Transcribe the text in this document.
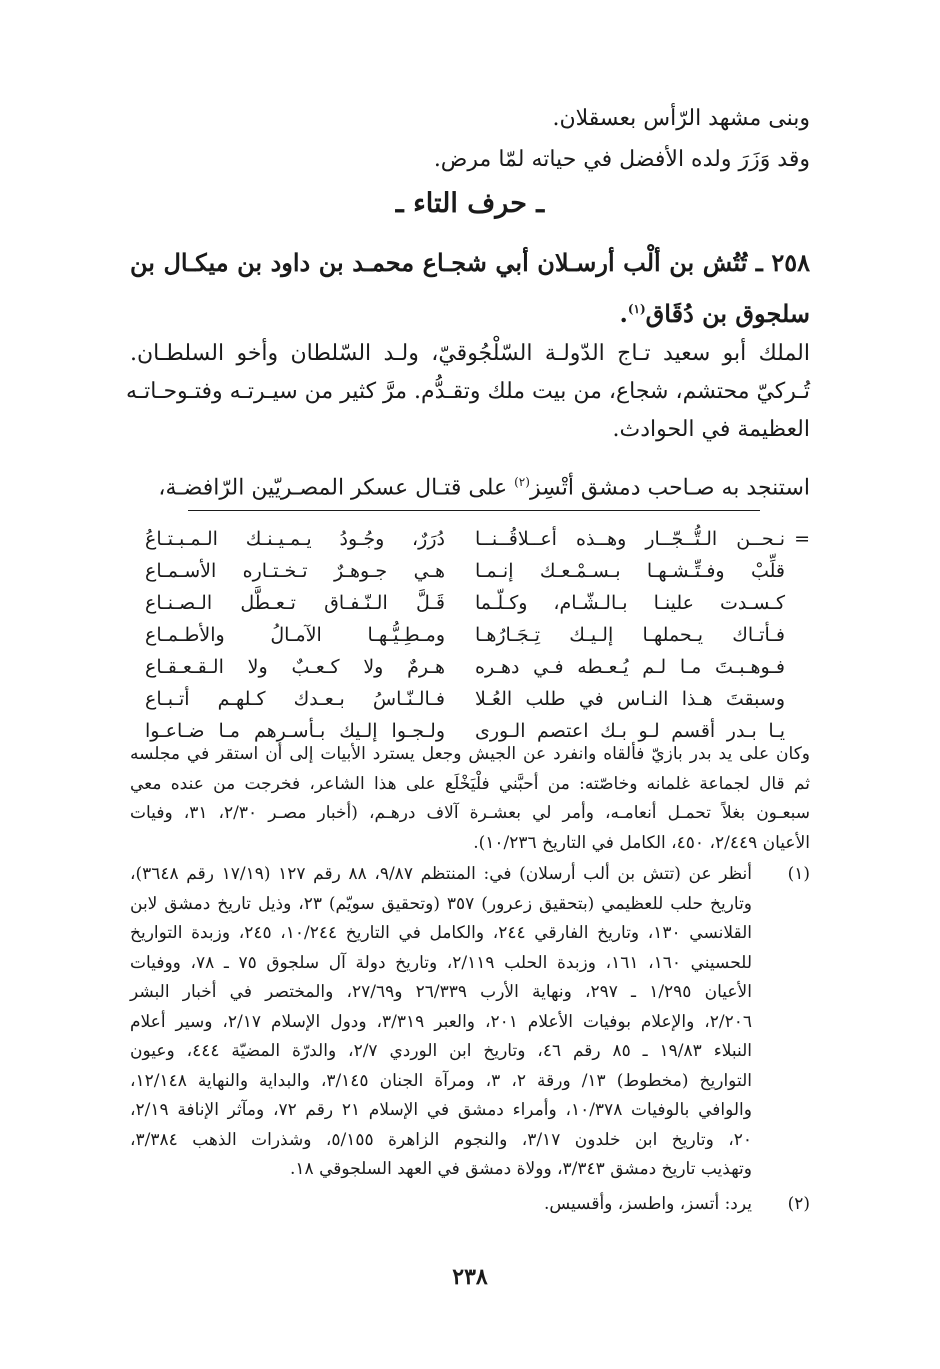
وبنى مشهد الرّأس بعسقلان.
وقد وَزَرَ ولده الأفضل في حياته لمّا مرض.
ـ حرف التاء ـ
٢٥٨ ـ تُتُش بن ألْب أرسـلان أبي شجـاع محمـد بن داود بن ميكـال بن
سلجوق بن دُقَاق$^{(١)}$.
الملك أبو سعيد تـاج الدّولـة السّلْجُوقيّ، ولـد السّلطان وأخو السلطـان.
تُـركيّ محتشم، شجاع، من بيت ملك وتقـدُّم. مرَّ كثير من سيـرتـه وفتـوحـاتـه
العظيمة في الحوادث.
استنجد به صـاحب دمشق أتْسِز$^{(٢)}$ على قتـال عسكر المصـريّين الرّافضـة،
=
نـحــن الـتُّــجّــار وهــذه أعــلاقُــنــا
دُرَرٌ، وجُـودُ يـمـيـنـك الـمـبـتـاعُ
قلِّبْ وفـتِّـشـهـا بـسـمْـعـك إنـمـا
هـي جـوهـرٌ تـخـتـاره الأسـمـاع
كـسـدت علينـا بـالـشّـام، وكـلّـما
قَـلَّ الـنّـفـاق تـعـطَّل الـصـنـاع
فـأتـاك يـحملهـا إلـيـك تِـجَـارُهـا
ومـطِـيُّـهـا الآمـالُ والأطـمـاع
فـوهـبـتَ مـا لـم يُـعـطه فـي دهـره
هـرمٌ ولا كـعـبٌ ولا الـقـعـقـاع
وسبقتَ هـذا النـاس في طلب العُـلا
فـالـنّـاسُ بـعـدك كـلهـم أتـبـاع
يـا بـدر أقسم لـو بـك اعتصم الـورى
ولـجـوا إلـيك بـأسـرهم مـا ضـاعـوا
وكان على يد بدر بازيّ فألقاه وانفرد عن الجيش وجعل يسترد الأبيات إلى أن استقر في مجلسه
ثم قال لجماعة غلمانه وخاصّته: من أحبَّني فلْيَخْلَع على هذا الشاعر، فخرجت من عنده معي
سبعـون بغلاً تحمـل أنعامـه، وأمر لي بعشـرة آلاف درهـم، (أخبار مصـر ٢/٣٠، ٣١، وفيات
الأعيان ٢/٤٤٩، ٤٥٠، الكامل في التاريخ ١٠/٢٣٦).
(١)
أنظر عن (تتش بن ألب أرسلان) في: المنتظم ٩/٨٧، ٨٨ رقم ١٢٧ (١٧/١٩ رقم ٣٦٤٨)،
وتاريخ حلب للعظيمي (بتحقيق زعرور) ٣٥٧ (وتحقيق سويّم) ٢٣، وذيل تاريخ دمشق لابن
القلانسي ١٣٠، وتاريخ الفارقي ٢٤٤، والكامل في التاريخ ١٠/٢٤٤، ٢٤٥، وزبدة التواريخ
للحسيني ١٦٠، ١٦١، وزبدة الحلب ٢/١١٩، وتاريخ دولة آل سلجوق ٧٥ ـ ٧٨، ووفيات
الأعيان ١/٢٩٥ ـ ٢٩٧، ونهاية الأرب ٢٦/٣٣٩ و٢٧/٦٩، والمختصر في أخبار البشر
٢/٢٠٦، والإعلام بوفيات الأعلام ٢٠١، والعبر ٣/٣١٩، ودول الإسلام ٢/١٧، وسير أعلام
النبلاء ١٩/٨٣ ـ ٨٥ رقم ٤٦، وتاريخ ابن الوردي ٢/٧، والدرّة المضيّة ٤٤٤، وعيون
التواريخ (مخطوط) ١٣/ ورقة ٢، ٣، ومرآة الجنان ٣/١٤٥، والبداية والنهاية ١٢/١٤٨،
والوافي بالوفيات ١٠/٣٧٨، وأمراء دمشق في الإسلام ٢١ رقم ٧٢، ومآثر الإنافة ٢/١٩،
٢٠، وتاريخ ابن خلدون ٣/١٧، والنجوم الزاهرة ٥/١٥٥، وشذرات الذهب ٣/٣٨٤،
وتهذيب تاريخ دمشق ٣/٣٤٣، وولاة دمشق في العهد السلجوقي ١٨.
(٢)
يرد: أتسز، واطسز، وأقسيس.
٢٣٨
